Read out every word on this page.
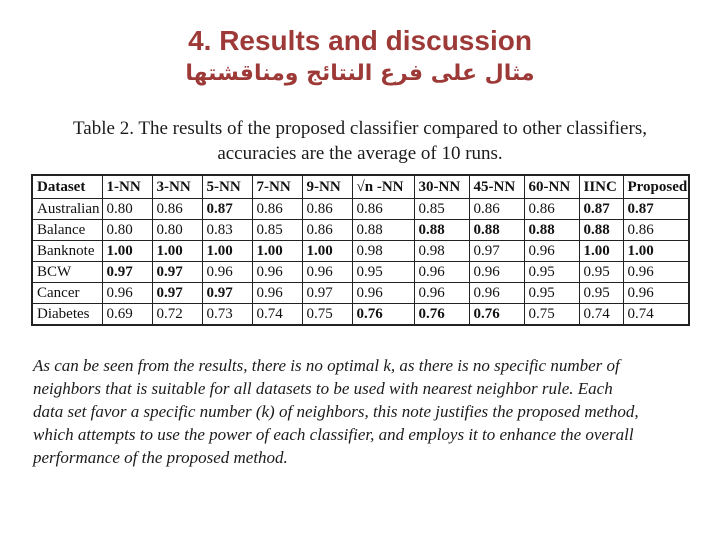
4. Results and discussion
مثال على فرع النتائج ومناقشتها
Table 2. The results of the proposed classifier compared to other classifiers,
accuracies are the average of 10 runs.
Dataset	1-NN	3-NN	5-NN	7-NN	9-NN	√n -NN	30-NN	45-NN	60-NN	IINC	Proposed
Australian	0.80	0.86	0.87	0.86	0.86	0.86	0.85	0.86	0.86	0.87	0.87
Balance	0.80	0.80	0.83	0.85	0.86	0.88	0.88	0.88	0.88	0.88	0.86
Banknote	1.00	1.00	1.00	1.00	1.00	0.98	0.98	0.97	0.96	1.00	1.00
BCW	0.97	0.97	0.96	0.96	0.96	0.95	0.96	0.96	0.95	0.95	0.96
Cancer	0.96	0.97	0.97	0.96	0.97	0.96	0.96	0.96	0.95	0.95	0.96
Diabetes	0.69	0.72	0.73	0.74	0.75	0.76	0.76	0.76	0.75	0.74	0.74
As can be seen from the results, there is no optimal k, as there is no specific number of
neighbors that is suitable for all datasets to be used with nearest neighbor rule. Each
data set favor a specific number (k) of neighbors, this note justifies the proposed method,
which attempts to use the power of each classifier, and employs it to enhance the overall
performance of the proposed method.
